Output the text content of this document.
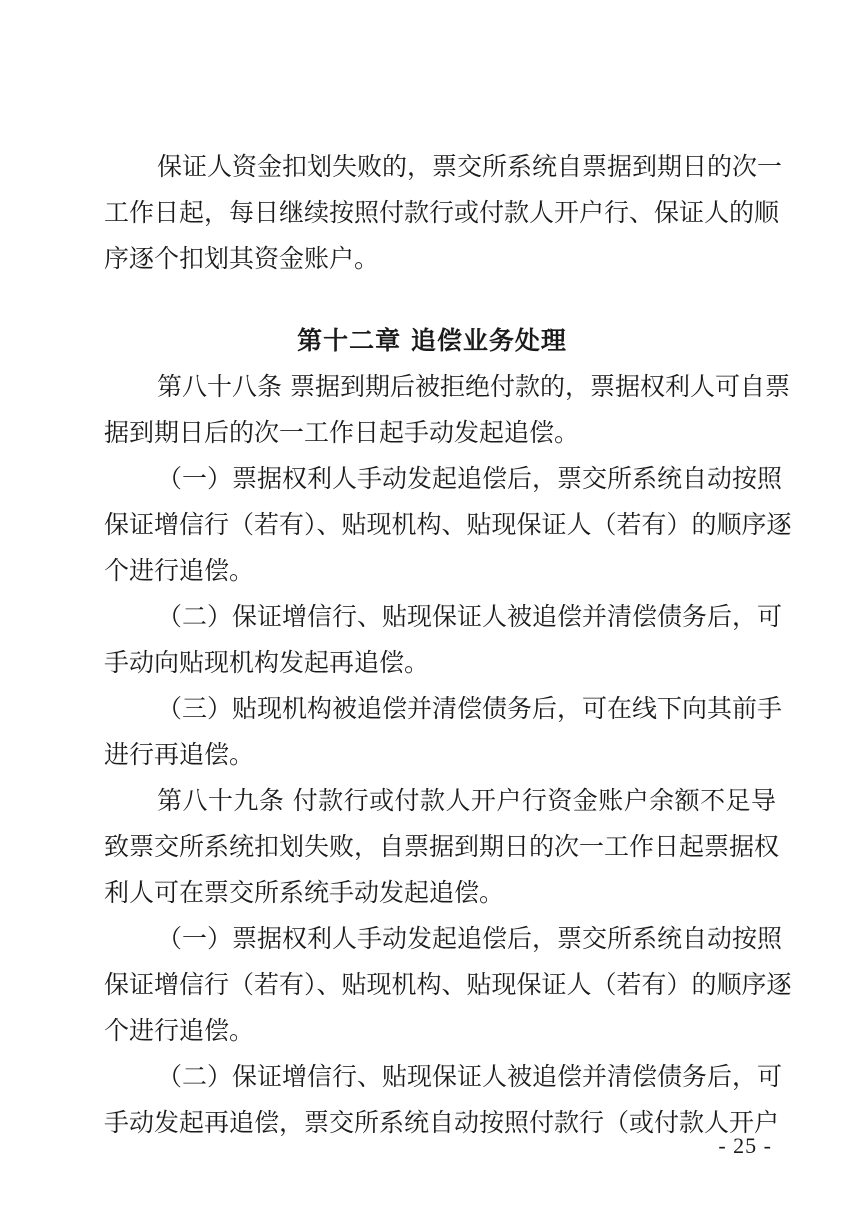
保证人资金扣划失败的，票交所系统自票据到期日的次一
工作日起，每日继续按照付款行或付款人开户行、保证人的顺
序逐个扣划其资金账户。
第十二章 追偿业务处理
第八十八条 票据到期后被拒绝付款的，票据权利人可自票
据到期日后的次一工作日起手动发起追偿。
（一）票据权利人手动发起追偿后，票交所系统自动按照
保证增信行（若有）、贴现机构、贴现保证人（若有）的顺序逐
个进行追偿。
（二）保证增信行、贴现保证人被追偿并清偿债务后，可
手动向贴现机构发起再追偿。
（三）贴现机构被追偿并清偿债务后，可在线下向其前手
进行再追偿。
第八十九条 付款行或付款人开户行资金账户余额不足导
致票交所系统扣划失败，自票据到期日的次一工作日起票据权
利人可在票交所系统手动发起追偿。
（一）票据权利人手动发起追偿后，票交所系统自动按照
保证增信行（若有）、贴现机构、贴现保证人（若有）的顺序逐
个进行追偿。
（二）保证增信行、贴现保证人被追偿并清偿债务后，可
手动发起再追偿，票交所系统自动按照付款行（或付款人开户
- 25 -
